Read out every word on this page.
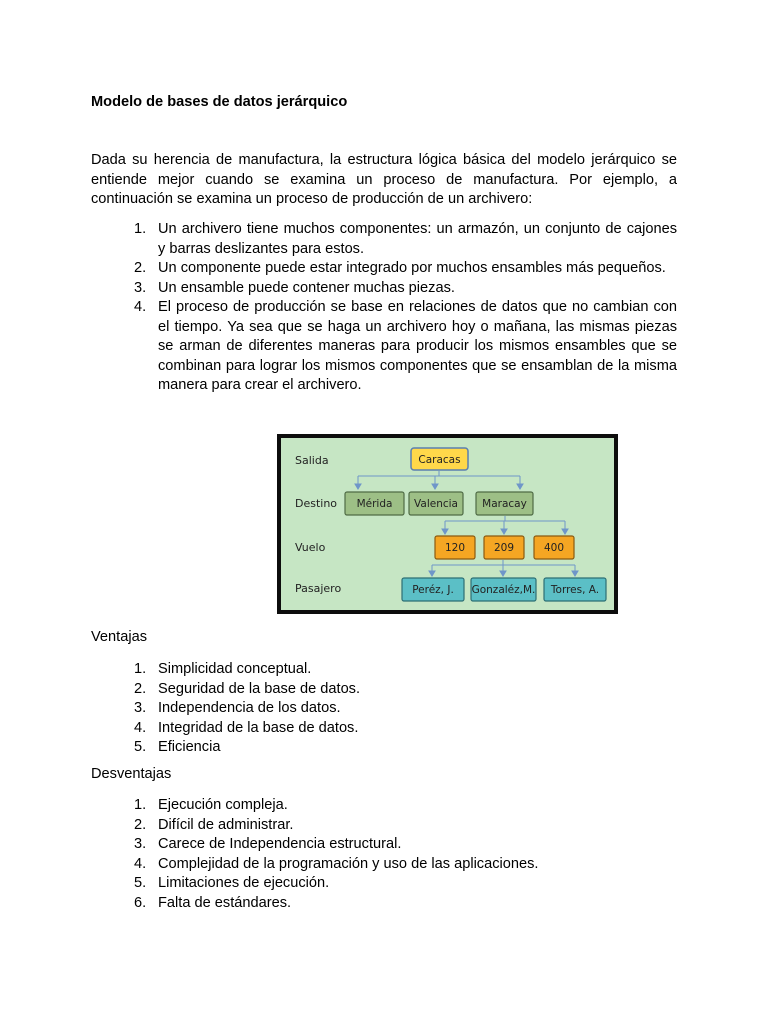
Modelo de bases de datos jerárquico
Dada su herencia de manufactura, la estructura lógica básica del modelo jerárquico se entiende mejor cuando se examina un proceso de manufactura. Por ejemplo, a continuación se examina un proceso de producción de un archivero:
1. Un archivero tiene muchos componentes: un armazón, un conjunto de cajones y barras deslizantes para estos.
2. Un componente puede estar integrado por muchos ensambles más pequeños.
3. Un ensamble puede contener muchas piezas.
4. El proceso de producción se base en relaciones de datos que no cambian con el tiempo. Ya sea que se haga un archivero hoy o mañana, las mismas piezas se arman de diferentes maneras para producir los mismos ensambles que se combinan para lograr los mismos componentes que se ensamblan de la misma manera para crear el archivero.
Salida
Destino
Vuelo
Pasajero
Caracas
Mérida Valencia Maracay
120	209	400
Peréz, J. Gonzaléz,M. Torres, A.
Ventajas
1. Simplicidad conceptual.
2. Seguridad de la base de datos.
3. Independencia de los datos.
4. Integridad de la base de datos.
5. Eficiencia
Desventajas
1. Ejecución compleja.
2. Difícil de administrar.
3. Carece de Independencia estructural.
4. Complejidad de la programación y uso de las aplicaciones.
5. Limitaciones de ejecución.
6. Falta de estándares.
